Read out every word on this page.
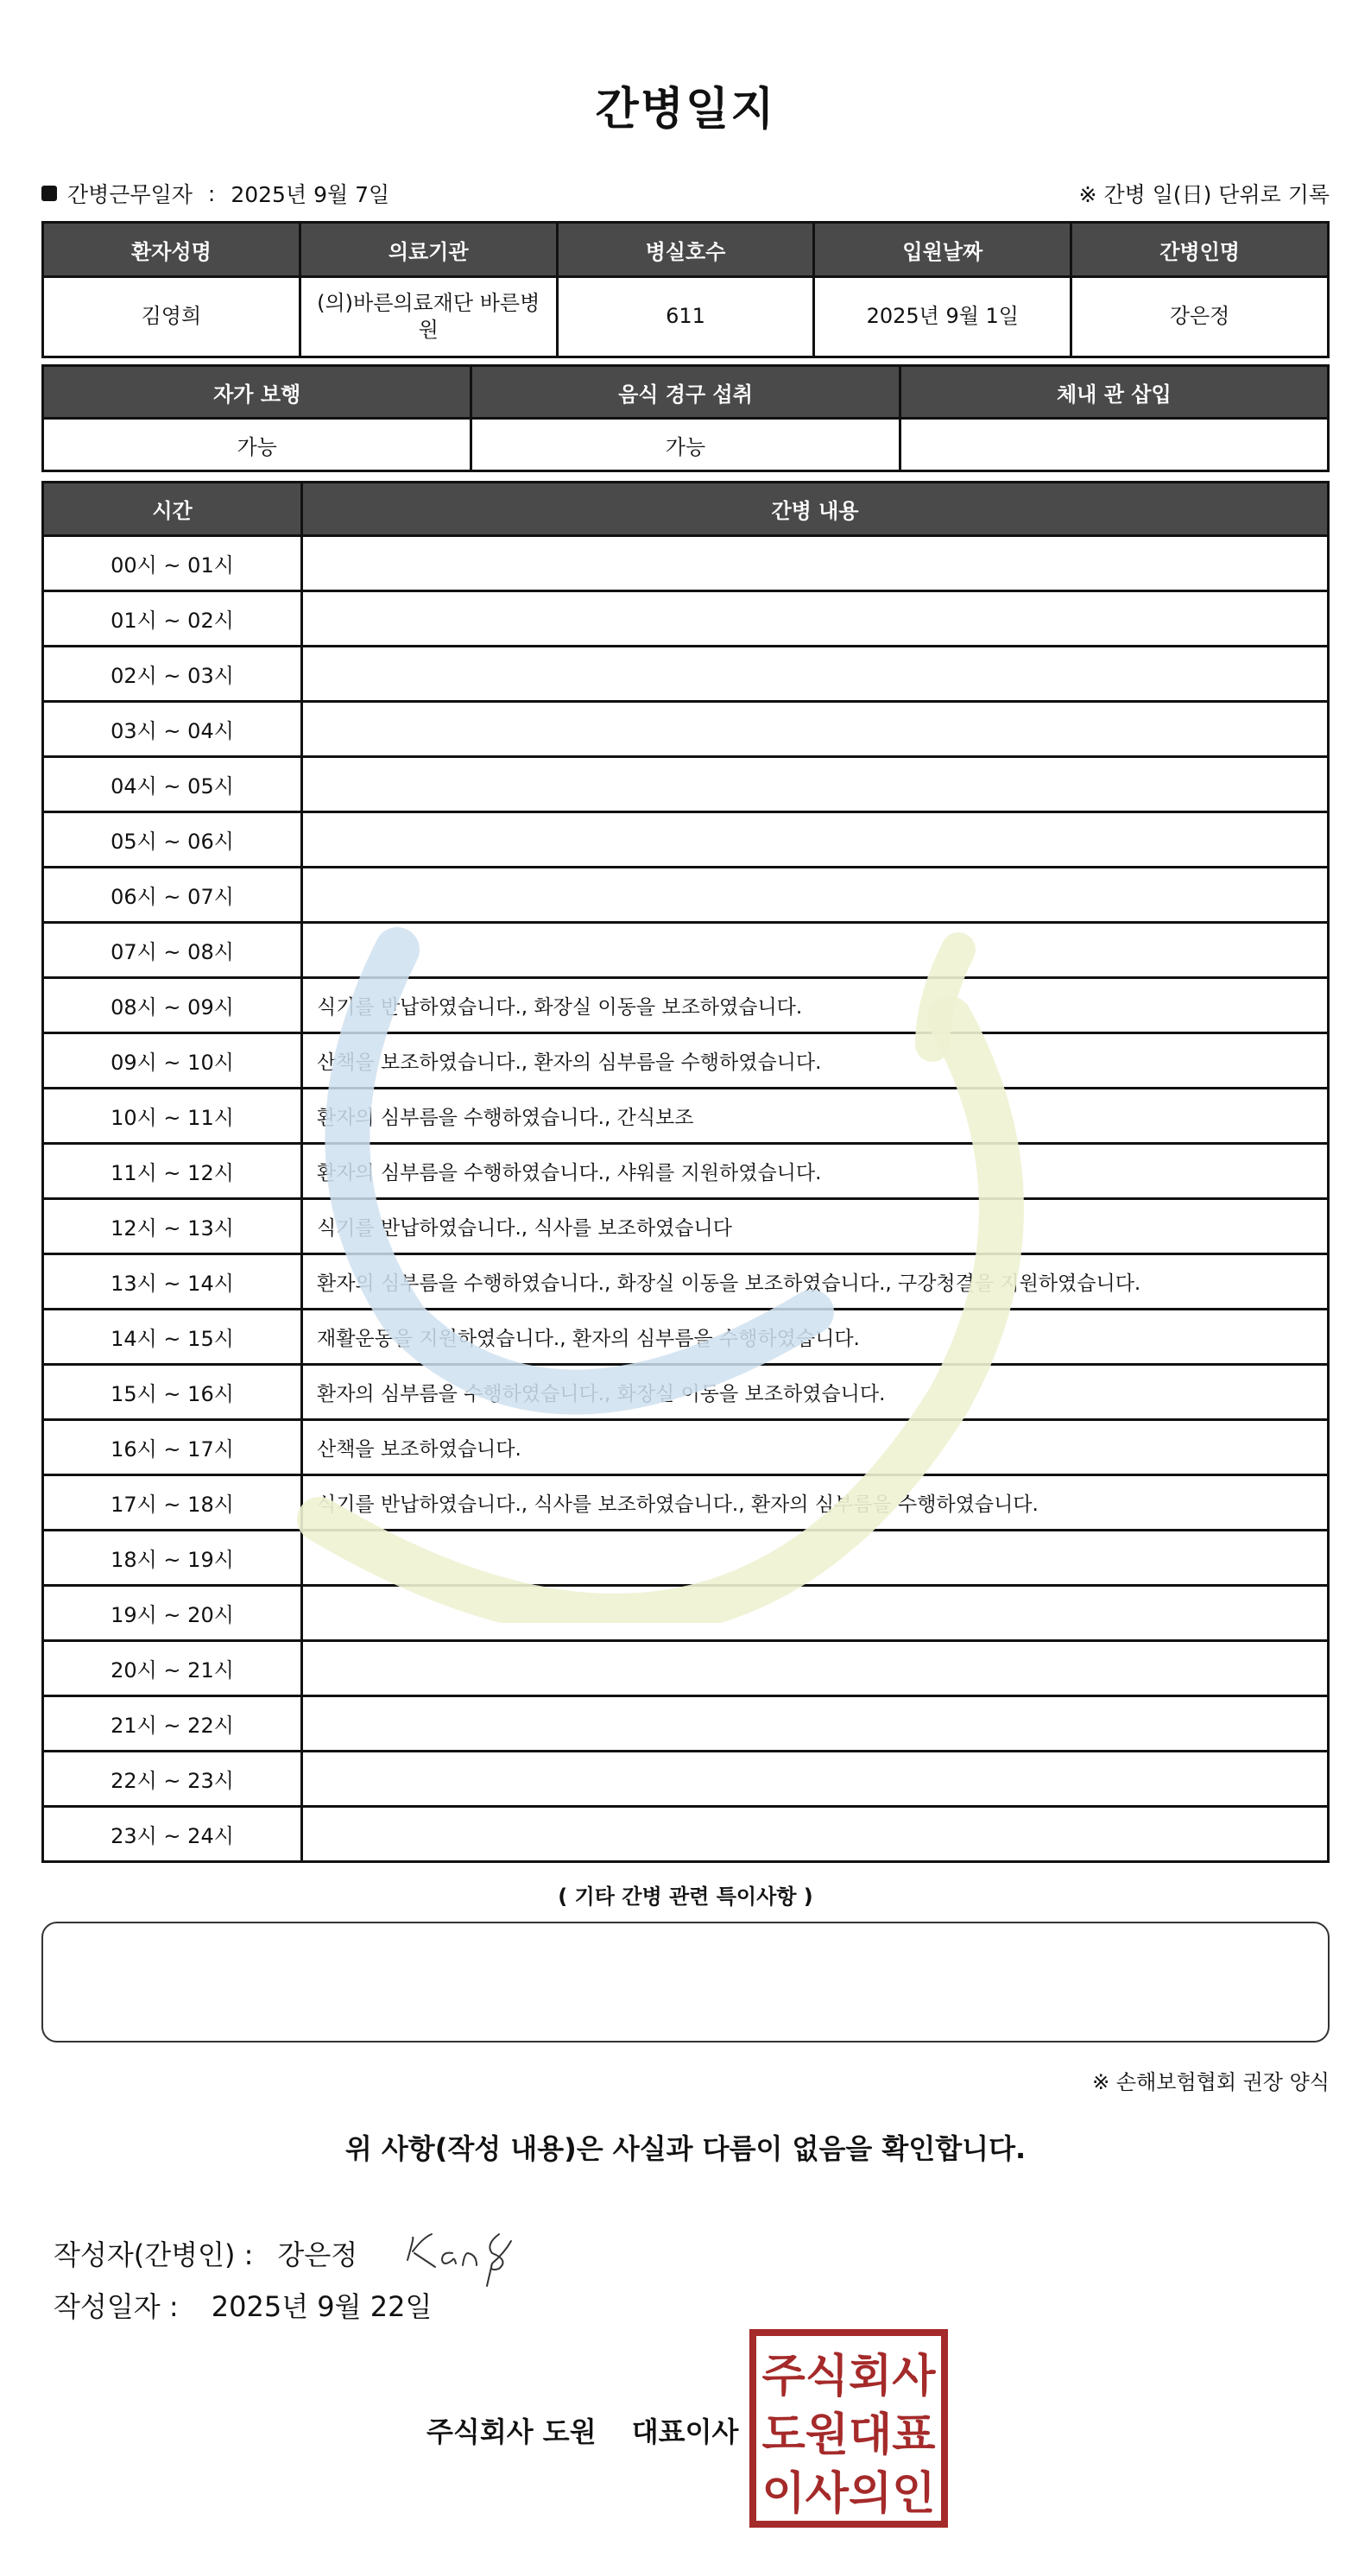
간병일지
간병근무일자 : 2025년 9월 7일	※ 간병 일(日) 단위로 기록
환자성명	의료기관	병실호수	입원날짜	간병인명
김영희	(의)바른의료재단 바른병원	611	2025년 9월 1일	강은정
자가 보행	음식 경구 섭취	체내 관 삽입
가능	가능	
시간	간병 내용
00시 ~ 01시	
01시 ~ 02시	
02시 ~ 03시	
03시 ~ 04시	
04시 ~ 05시	
05시 ~ 06시	
06시 ~ 07시	
07시 ~ 08시	
08시 ~ 09시	식기를 반납하였습니다., 화장실 이동을 보조하였습니다.
09시 ~ 10시	산책을 보조하였습니다., 환자의 심부름을 수행하였습니다.
10시 ~ 11시	환자의 심부름을 수행하였습니다., 간식보조
11시 ~ 12시	환자의 심부름을 수행하였습니다., 샤워를 지원하였습니다.
12시 ~ 13시	식기를 반납하였습니다., 식사를 보조하였습니다
13시 ~ 14시	환자의 심부름을 수행하였습니다., 화장실 이동을 보조하였습니다., 구강청결을 지원하였습니다.
14시 ~ 15시	재활운동을 지원하였습니다., 환자의 심부름을 수행하였습니다.
15시 ~ 16시	환자의 심부름을 수행하였습니다., 화장실 이동을 보조하였습니다.
16시 ~ 17시	산책을 보조하였습니다.
17시 ~ 18시	식기를 반납하였습니다., 식사를 보조하였습니다., 환자의 심부름을 수행하였습니다.
18시 ~ 19시	
19시 ~ 20시	
20시 ~ 21시	
21시 ~ 22시	
22시 ~ 23시	
23시 ~ 24시	
( 기타 간병 관련 특이사항 )
※ 손해보험협회 권장 양식
위 사항(작성 내용)은 사실과 다름이 없음을 확인합니다.
작성자(간병인) : 강은정
작성일자 : 2025년 9월 22일
주식회사 도원 대표이사
주식회사
도원대표
이사의인
